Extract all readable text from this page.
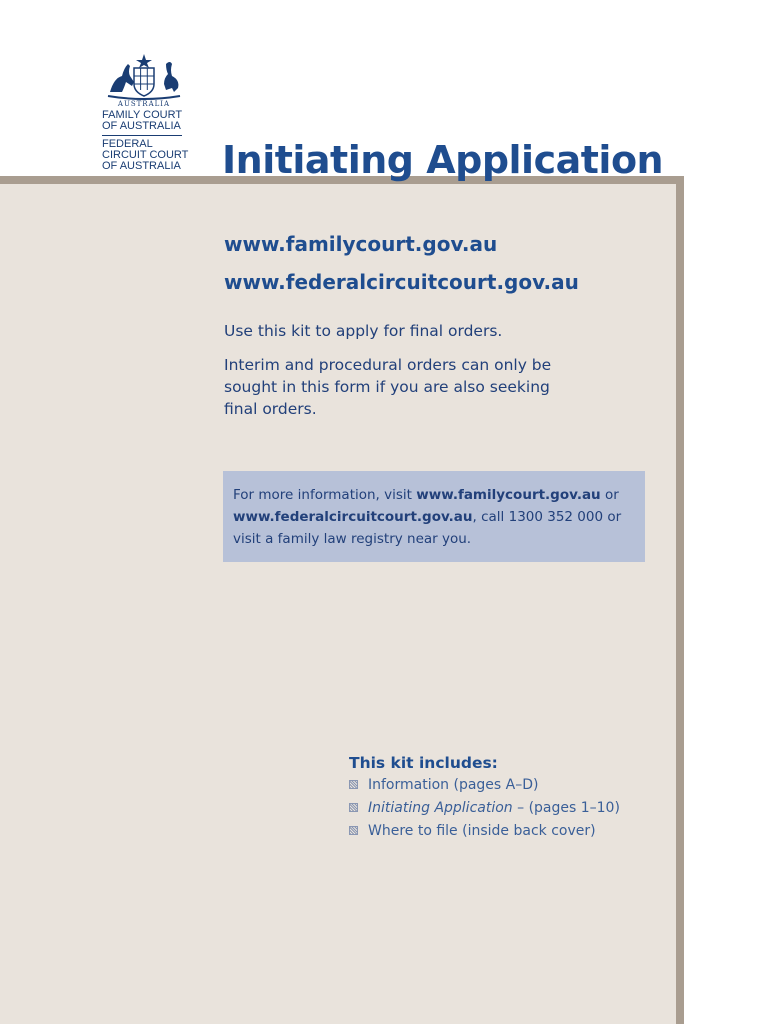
AUSTRALIA
FAMILY COURT
OF AUSTRALIA
FEDERAL
CIRCUIT COURT
OF AUSTRALIA Initiating Application
www.familycourt.gov.au
www.federalcircuitcourt.gov.au
Use this kit to apply for final orders.
Interim and procedural orders can only be sought in this form if you are also seeking final orders.
For more information, visit www.familycourt.gov.au or www.federalcircuitcourt.gov.au, call 1300 352 000 or visit a family law registry near you.
This kit includes:
Information (pages A–D)
Initiating Application – (pages 1–10)
Where to file (inside back cover)
